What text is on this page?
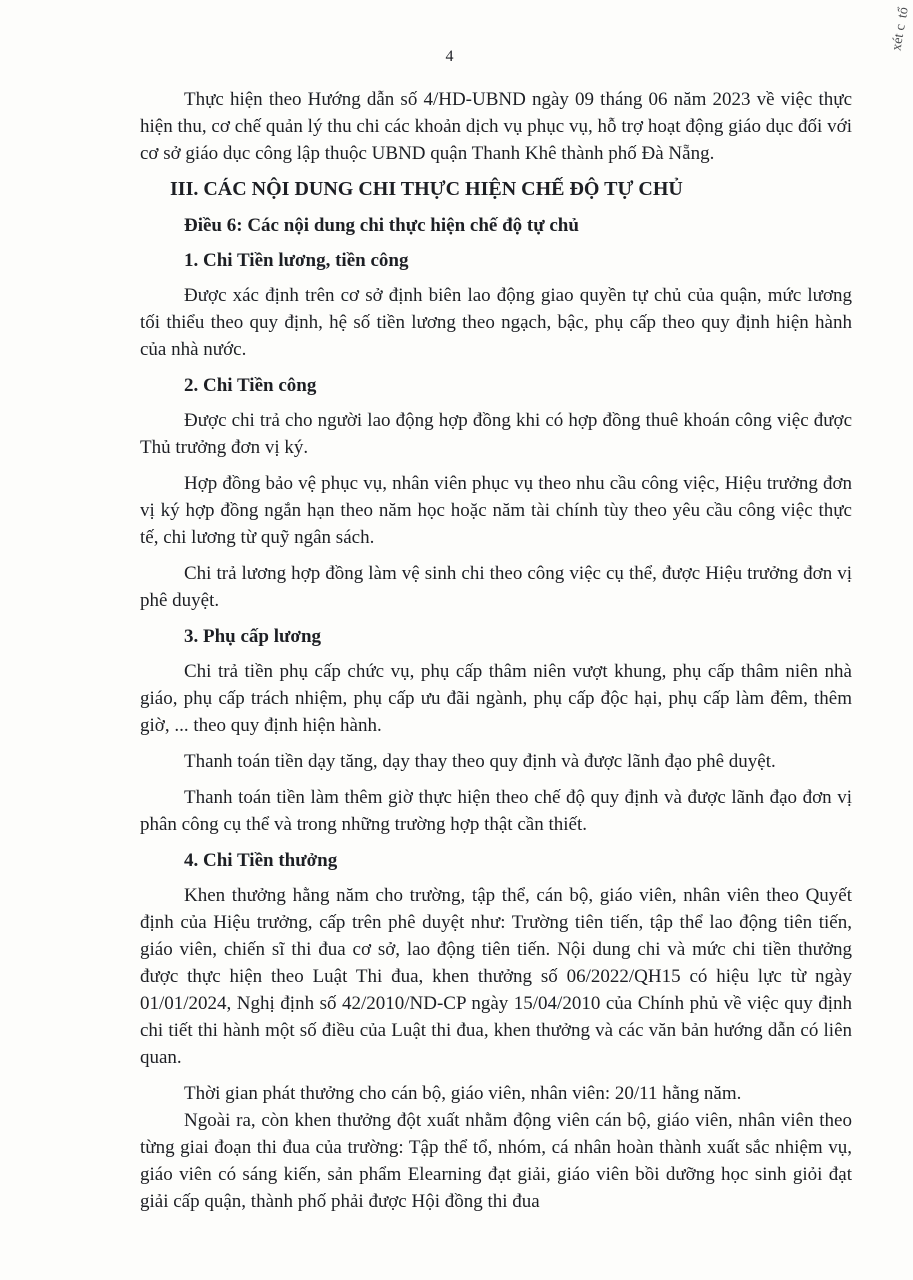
xét c  tổ
4

Thực hiện theo Hướng dẫn số 4/HD-UBND ngày 09 tháng 06 năm 2023 về việc thực hiện thu, cơ chế quản lý thu chi các khoản dịch vụ phục vụ, hỗ trợ hoạt động giáo dục đối với cơ sở giáo dục công lập thuộc UBND quận Thanh Khê thành phố Đà Nẵng.

III. CÁC NỘI DUNG CHI THỰC HIỆN CHẾ ĐỘ TỰ CHỦ
Điều 6: Các nội dung chi thực hiện chế độ tự chủ
1. Chi Tiền lương, tiền công

Được xác định trên cơ sở định biên lao động giao quyền tự chủ của quận, mức lương tối thiểu theo quy định, hệ số tiền lương theo ngạch, bậc, phụ cấp theo quy định hiện hành của nhà nước.

2. Chi Tiền công

Được chi trả cho người lao động hợp đồng khi có hợp đồng thuê khoán công việc được Thủ trưởng đơn vị ký.

Hợp đồng bảo vệ phục vụ, nhân viên phục vụ theo nhu cầu công việc, Hiệu trưởng đơn vị ký hợp đồng ngắn hạn theo năm học hoặc năm tài chính tùy theo yêu cầu công việc thực tế, chi lương từ quỹ ngân sách.

Chi trả lương hợp đồng làm vệ sinh chi theo công việc cụ thể, được Hiệu trưởng đơn vị phê duyệt.

3. Phụ cấp lương

Chi trả tiền phụ cấp chức vụ, phụ cấp thâm niên vượt khung, phụ cấp thâm niên nhà giáo, phụ cấp trách nhiệm, phụ cấp ưu đãi ngành, phụ cấp độc hại, phụ cấp làm đêm, thêm giờ, ... theo quy định hiện hành.

Thanh toán tiền dạy tăng, dạy thay theo quy định và được lãnh đạo phê duyệt.

Thanh toán tiền làm thêm giờ thực hiện theo chế độ quy định và được lãnh đạo đơn vị phân công cụ thể và trong những trường hợp thật cần thiết.

4. Chi Tiền thưởng

Khen thưởng hằng năm cho trường, tập thể, cán bộ, giáo viên, nhân viên theo Quyết định của Hiệu trưởng, cấp trên phê duyệt như: Trường tiên tiến, tập thể lao động tiên tiến, giáo viên, chiến sĩ thi đua cơ sở, lao động tiên tiến. Nội dung chi và mức chi tiền thưởng được thực hiện theo Luật Thi đua, khen thưởng số 06/2022/QH15 có hiệu lực từ ngày 01/01/2024, Nghị định số 42/2010/ND-CP ngày 15/04/2010 của Chính phủ về việc quy định chi tiết thi hành một số điều của Luật thi đua, khen thưởng và các văn bản hướng dẫn có liên quan.

Thời gian phát thưởng cho cán bộ, giáo viên, nhân viên: 20/11 hằng năm.

Ngoài ra, còn khen thưởng đột xuất nhằm động viên cán bộ, giáo viên, nhân viên theo từng giai đoạn thi đua của trường: Tập thể tổ, nhóm, cá nhân hoàn thành xuất sắc nhiệm vụ, giáo viên có sáng kiến, sản phẩm Elearning đạt giải, giáo viên bồi dưỡng học sinh giỏi đạt giải cấp quận, thành phố phải được Hội đồng thi đua
